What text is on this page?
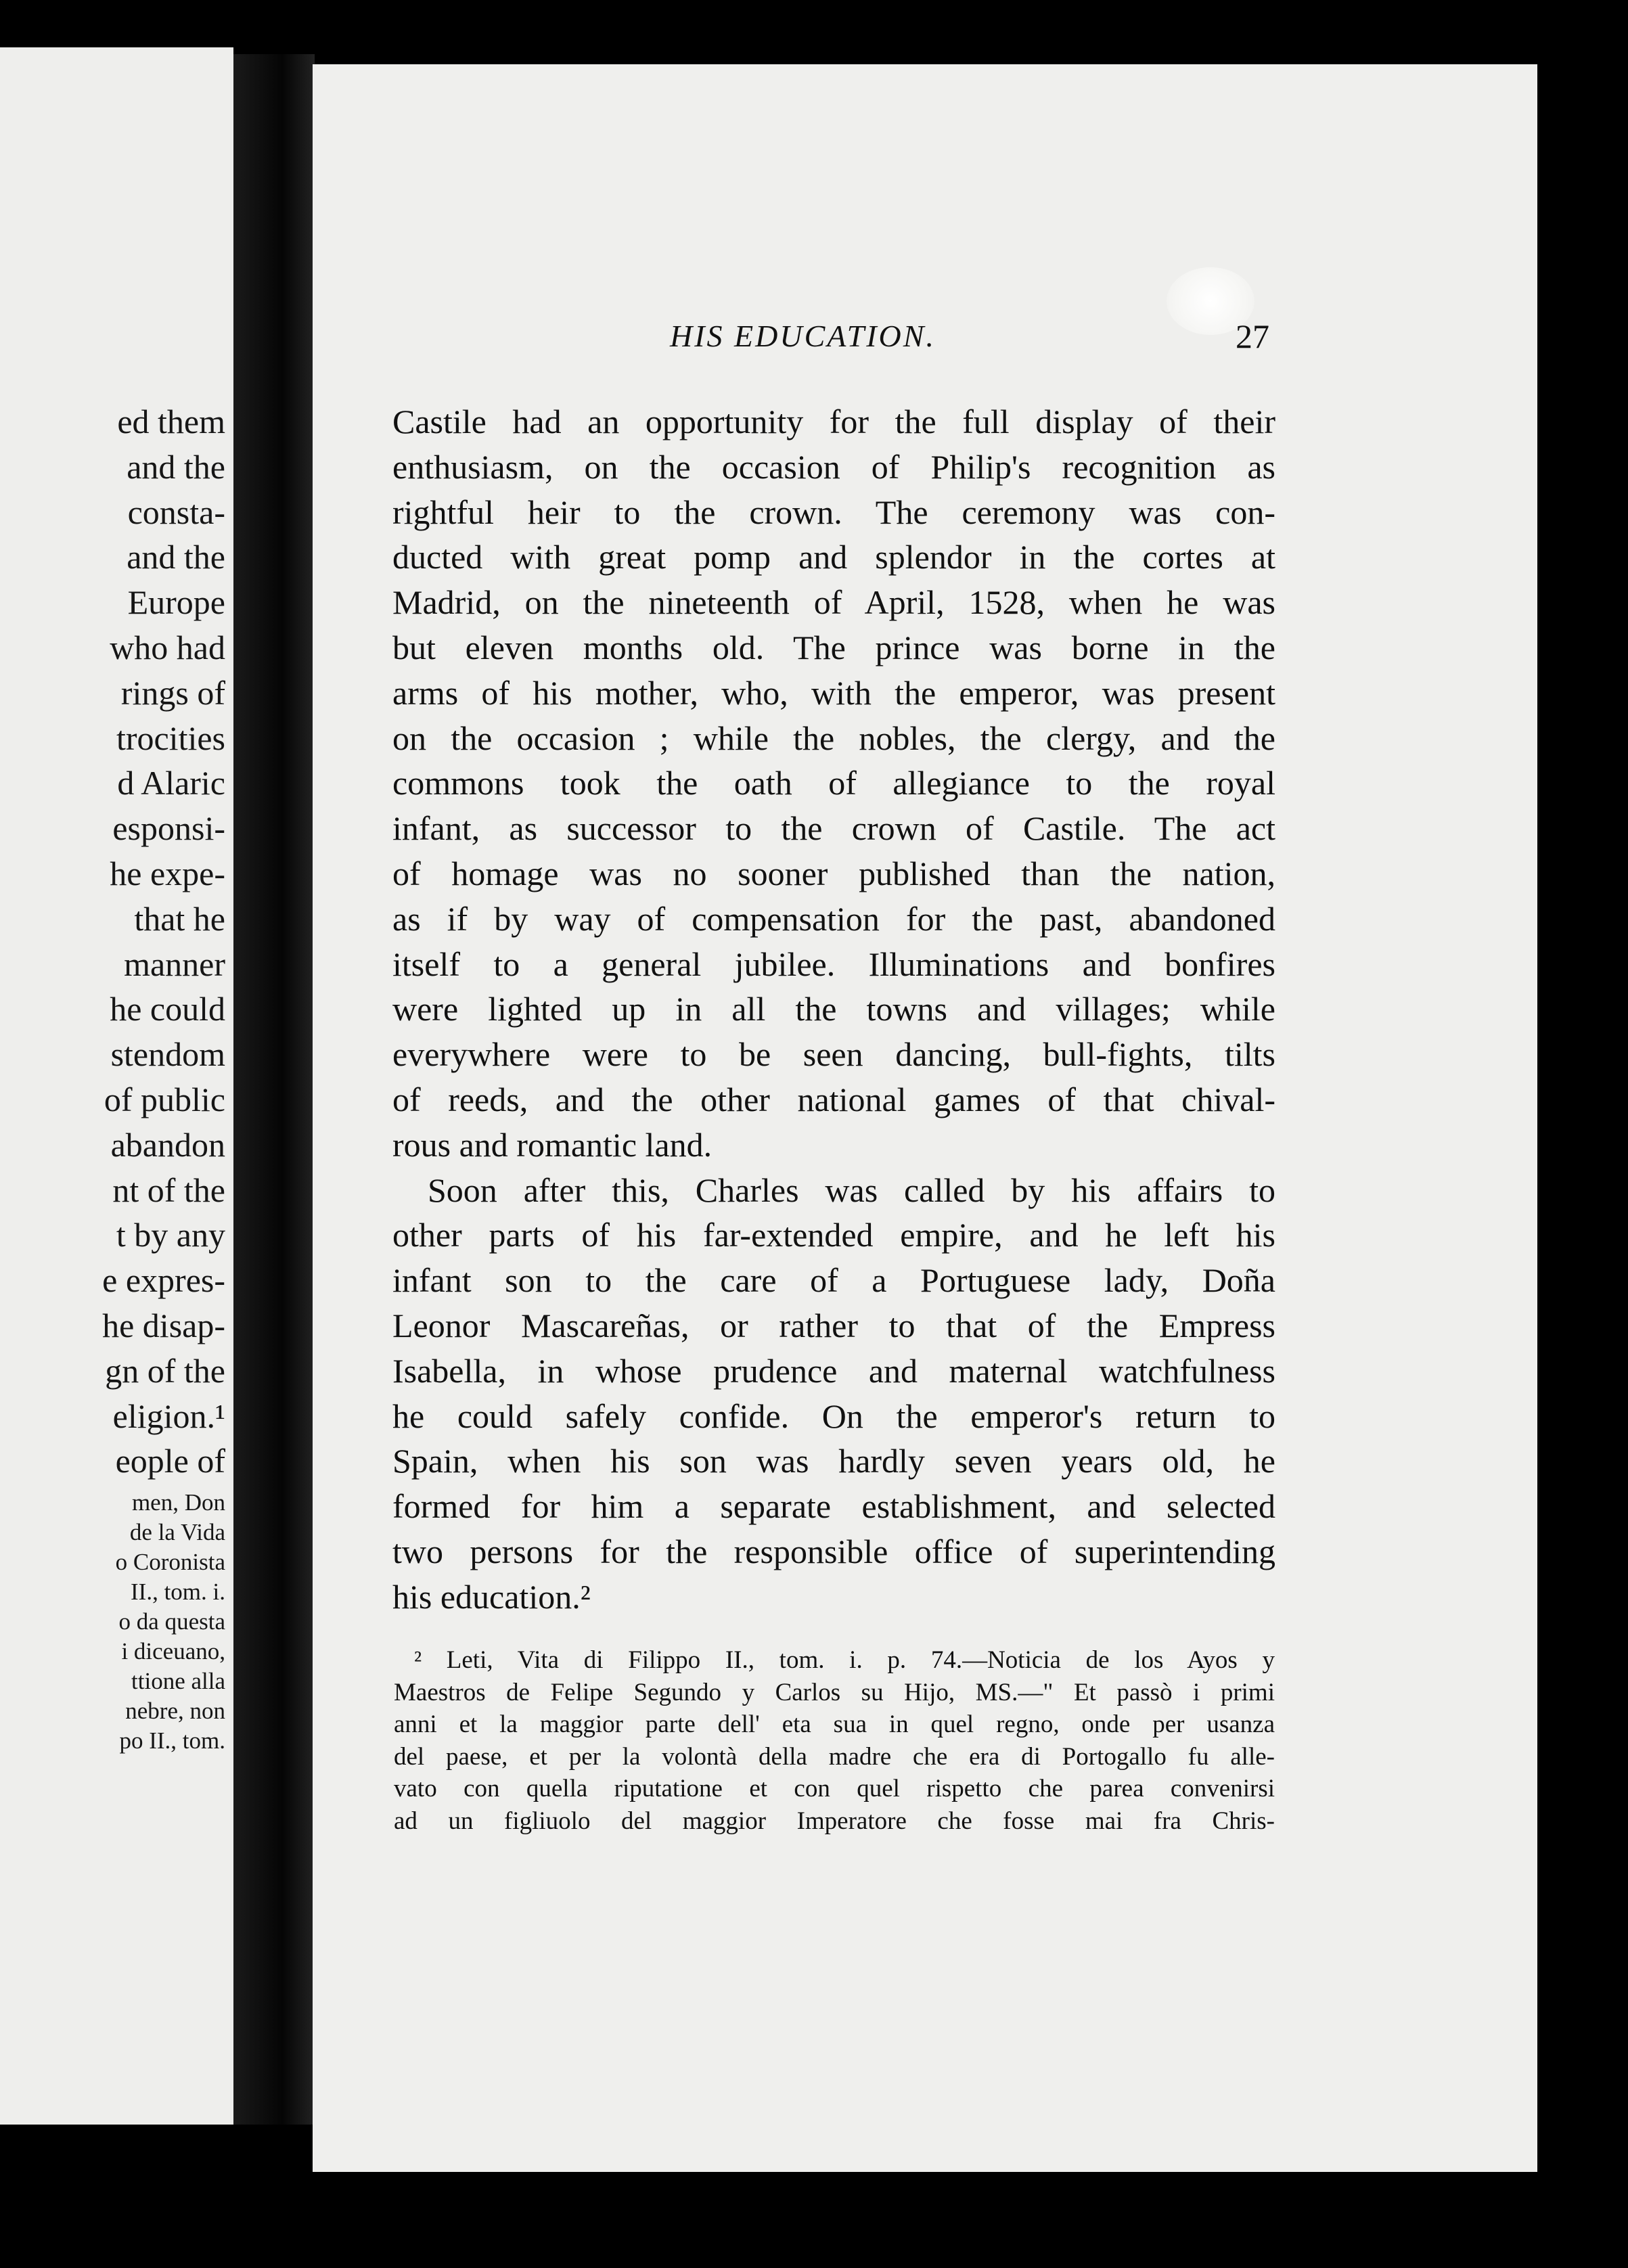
ed them
and the
consta-
and the
Europe
who had
rings of
trocities
d Alaric
esponsi-
he expe-
that he
manner
he could
stendom
of public
abandon
nt of the
t by any
e expres-
he disap-
gn of the
eligion.¹
eople of
men, Don
de la Vida
o Coronista
II., tom. i.
o da questa
i diceuano,
ttione alla
nebre, non
po II., tom.
HIS EDUCATION.	27
Castile had an opportunity for the full display of their
enthusiasm, on the occasion of Philip's recognition as
rightful heir to the crown. The ceremony was con-
ducted with great pomp and splendor in the cortes at
Madrid, on the nineteenth of April, 1528, when he was
but eleven months old. The prince was borne in the
arms of his mother, who, with the emperor, was present
on the occasion ; while the nobles, the clergy, and the
commons took the oath of allegiance to the royal
infant, as successor to the crown of Castile. The act
of homage was no sooner published than the nation,
as if by way of compensation for the past, abandoned
itself to a general jubilee. Illuminations and bonfires
were lighted up in all the towns and villages; while
everywhere were to be seen dancing, bull-fights, tilts
of reeds, and the other national games of that chival-
rous and romantic land.
Soon after this, Charles was called by his affairs to
other parts of his far-extended empire, and he left his
infant son to the care of a Portuguese lady, Doña
Leonor Mascareñas, or rather to that of the Empress
Isabella, in whose prudence and maternal watchfulness
he could safely confide. On the emperor's return to
Spain, when his son was hardly seven years old, he
formed for him a separate establishment, and selected
two persons for the responsible office of superintending
his education.²
² Leti, Vita di Filippo II., tom. i. p. 74.—Noticia de los Ayos y
Maestros de Felipe Segundo y Carlos su Hijo, MS.—" Et passò i primi
anni et la maggior parte dell' eta sua in quel regno, onde per usanza
del paese, et per la volontà della madre che era di Portogallo fu alle-
vato con quella riputatione et con quel rispetto che parea convenirsi
ad un figliuolo del maggior Imperatore che fosse mai fra Chris-
